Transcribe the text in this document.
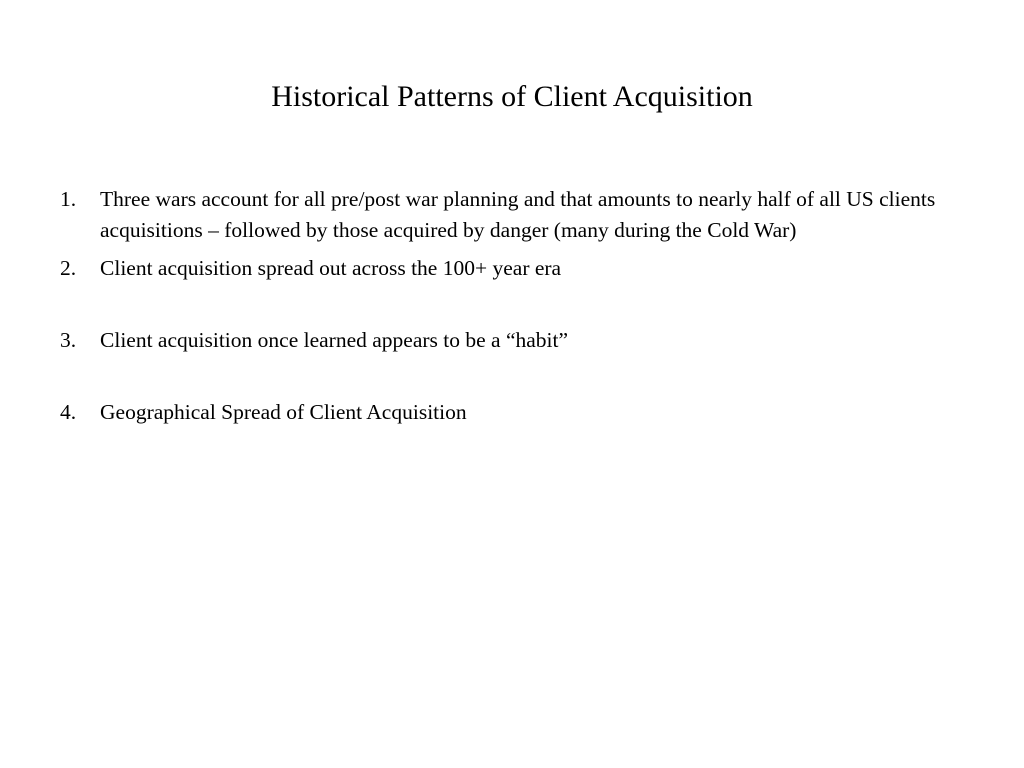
Historical Patterns of Client Acquisition
1. Three wars account for all pre/post war planning and that amounts to nearly half of all US clients acquisitions – followed by those acquired by danger (many during the Cold War)
2. Client acquisition spread out across the 100+ year era
3. Client acquisition once learned appears to be a “habit”
4. Geographical Spread of Client Acquisition
